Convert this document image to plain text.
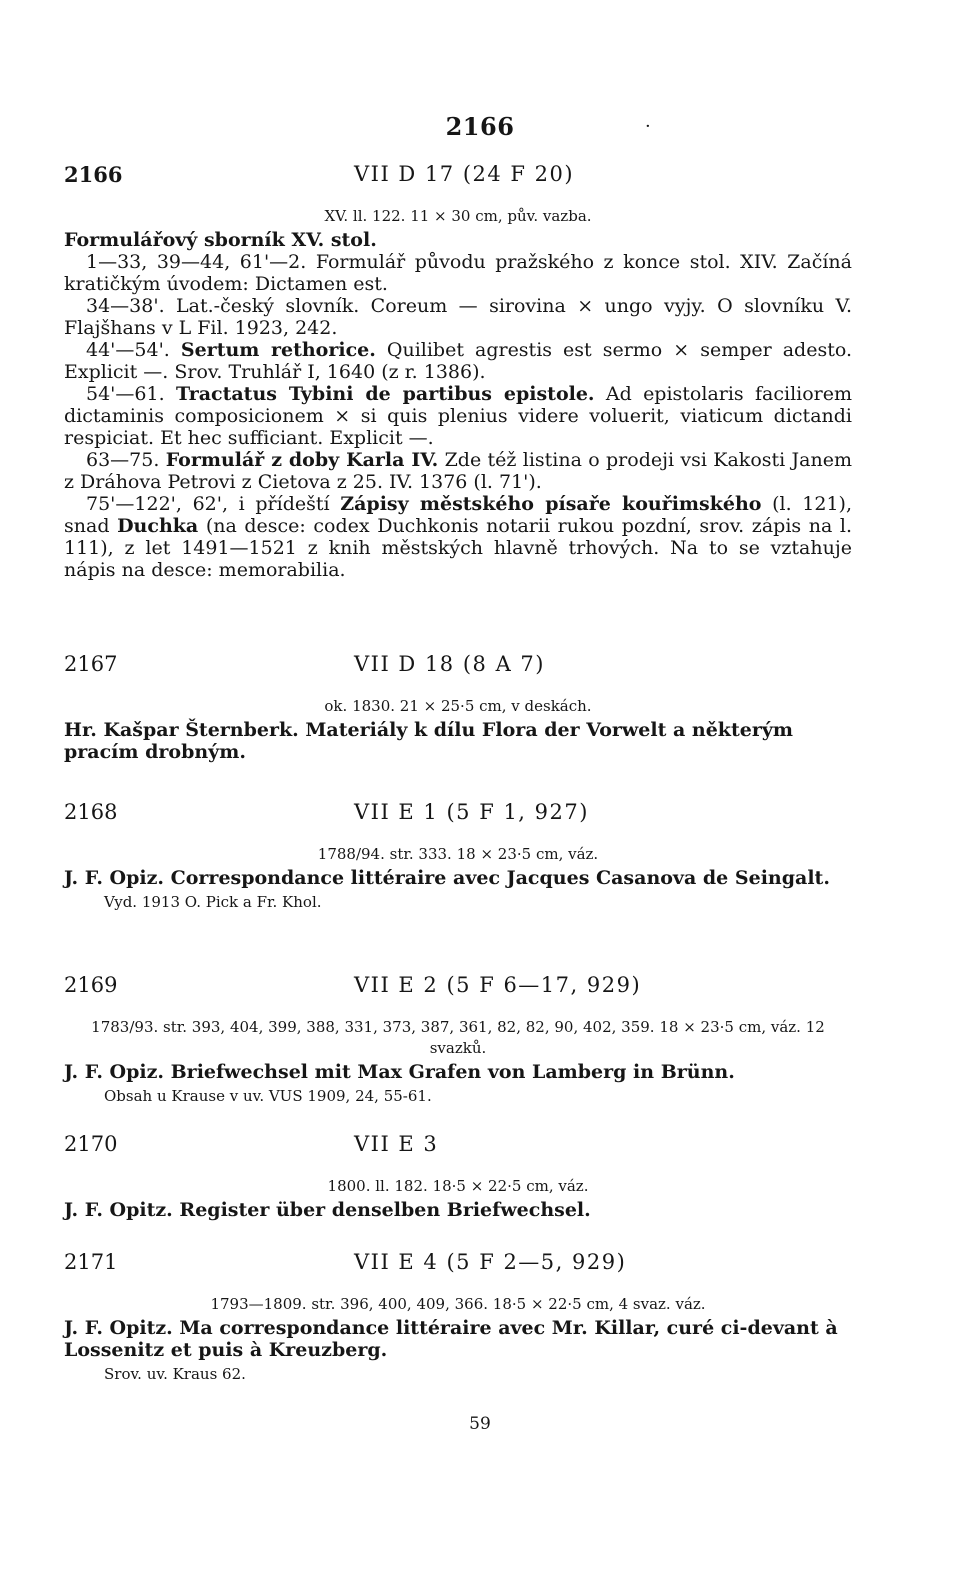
2166	·
2166	VII D 17 (24 F 20)
XV. ll. 122. 11 × 30 cm, pův. vazba.

Formulářový sborník XV. stol.

1—33, 39—44, 61'—2. Formulář původu pražského z konce stol. XIV. Začíná kratičkým úvodem: Dictamen est.

34—38'. Lat.-český slovník. Coreum — sirovina × ungo vyjy. O slovníku V. Flajšhans v L Fil. 1923, 242.

44'—54'. Sertum rethorice. Quilibet agrestis est sermo × semper adesto. Explicit —. Srov. Truhlář I, 1640 (z r. 1386).

54'—61. Tractatus Tybini de partibus epistole. Ad epistolaris faciliorem dictaminis composicionem × si quis plenius videre voluerit, viaticum dictandi respiciat. Et hec sufficiant. Explicit —.

63—75. Formulář z doby Karla IV. Zde též listina o prodeji vsi Kakosti Janem z Dráhova Petrovi z Cietova z 25. IV. 1376 (l. 71').

75'—122', 62', i přídeští Zápisy městského písaře kouřimského (l. 121), snad Duchka (na desce: codex Duchkonis notarii rukou pozdní, srov. zápis na l. 111), z let 1491—1521 z knih městských hlavně trhových. Na to se vztahuje nápis na desce: memorabilia.

2167	VII D 18 (8 A 7)
ok. 1830. 21 × 25·5 cm, v deskách.

Hr. Kašpar Šternberk. Materiály k dílu Flora der Vorwelt a některým pracím drobným.

2168	VII E 1 (5 F 1, 927)
1788/94. str. 333. 18 × 23·5 cm, váz.

J. F. Opiz. Correspondance littéraire avec Jacques Casanova de Seingalt.

Vyd. 1913 O. Pick a Fr. Khol.

2169	VII E 2 (5 F 6—17, 929)
1783/93. str. 393, 404, 399, 388, 331, 373, 387, 361, 82, 82, 90, 402, 359. 18 × 23·5 cm, váz. 12 svazků.

J. F. Opiz. Briefwechsel mit Max Grafen von Lamberg in Brünn.

Obsah u Krause v uv. VUS 1909, 24, 55-61.

2170	VII E 3
1800. ll. 182. 18·5 × 22·5 cm, váz.

J. F. Opitz. Register über denselben Briefwechsel.

2171	VII E 4 (5 F 2—5, 929)
1793—1809. str. 396, 400, 409, 366. 18·5 × 22·5 cm, 4 svaz. váz.

J. F. Opitz. Ma correspondance littéraire avec Mr. Killar, curé ci-devant à Lossenitz et puis à Kreuzberg.

Srov. uv. Kraus 62.

59
